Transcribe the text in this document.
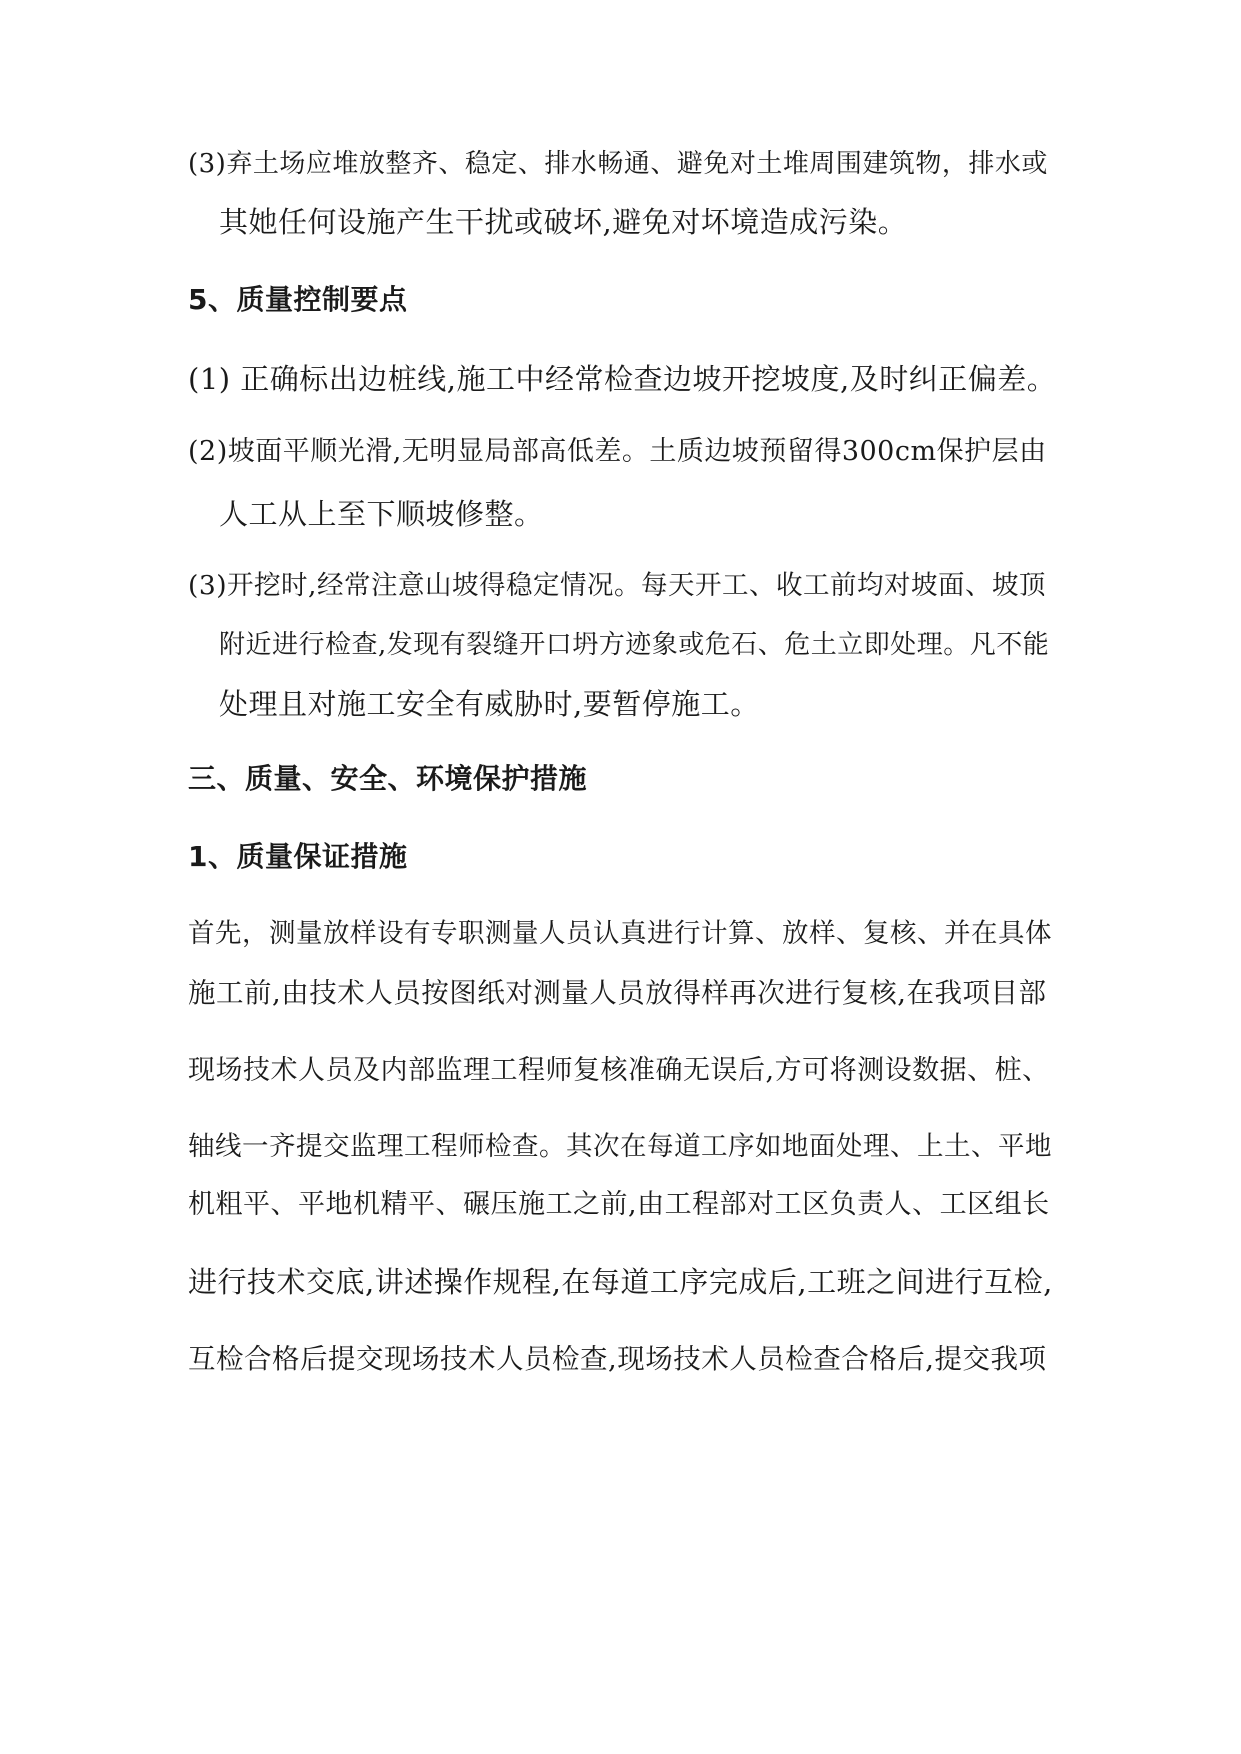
(3)弃土场应堆放整齐、稳定、排水畅通、避免对土堆周围建筑物，排水或
其她任何设施产生干扰或破坏,避免对坏境造成污染。
5、质量控制要点
(1) 正确标出边桩线,施工中经常检查边坡开挖坡度,及时纠正偏差。
(2)坡面平顺光滑,无明显局部高低差。土质边坡预留得300cm保护层由
人工从上至下顺坡修整。
(3)开挖时,经常注意山坡得稳定情况。每天开工、收工前均对坡面、坡顶
附近进行检查,发现有裂缝开口坍方迹象或危石、危土立即处理。凡不能
处理且对施工安全有威胁时,要暂停施工。
三、质量、安全、环境保护措施
1、质量保证措施
首先，测量放样设有专职测量人员认真进行计算、放样、复核、并在具体
施工前,由技术人员按图纸对测量人员放得样再次进行复核,在我项目部
现场技术人员及内部监理工程师复核准确无误后,方可将测设数据、桩、
轴线一齐提交监理工程师检查。其次在每道工序如地面处理、上土、平地
机粗平、平地机精平、碾压施工之前,由工程部对工区负责人、工区组长
进行技术交底,讲述操作规程,在每道工序完成后,工班之间进行互检,
互检合格后提交现场技术人员检查,现场技术人员检查合格后,提交我项
